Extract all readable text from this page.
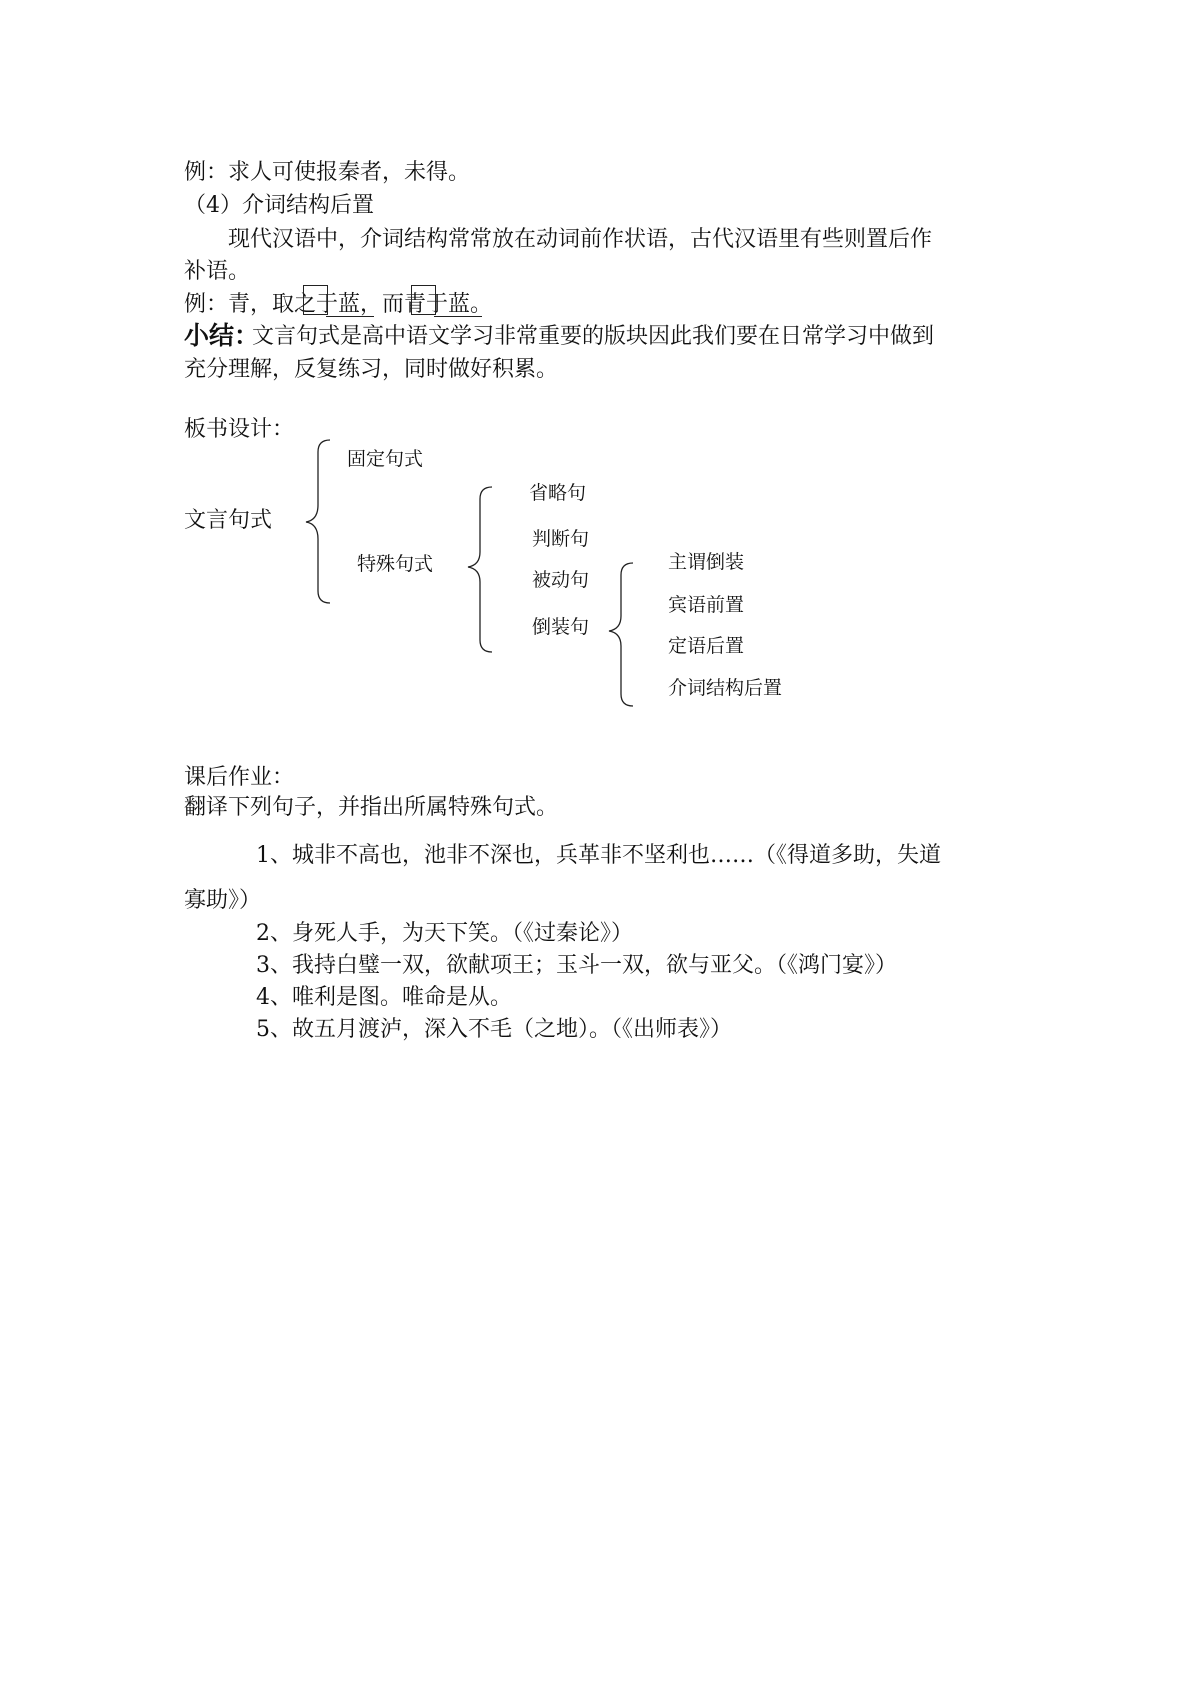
例：求人可使报秦者，未得。
（4）介词结构后置
现代汉语中，介词结构常常放在动词前作状语，古代汉语里有些则置后作
补语。
例：青，取之于蓝，而青于蓝。
小结：
文言句式是高中语文学习非常重要的版块因此我们要在日常学习中做到
充分理解，反复练习，同时做好积累。
板书设计：
文言句式
固定句式
特殊句式
省略句
判断句
被动句
倒装句
主谓倒装
宾语前置
定语后置
介词结构后置
课后作业：
翻译下列句子，并指出所属特殊句式。
1、城非不高也，池非不深也，兵革非不坚利也……（《得道多助，失道
寡助》）
2、身死人手，为天下笑。（《过秦论》）
3、我持白璧一双，欲献项王；玉斗一双，欲与亚父。（《鸿门宴》）
4、唯利是图。唯命是从。
5、故五月渡泸，深入不毛（之地）。（《出师表》）
